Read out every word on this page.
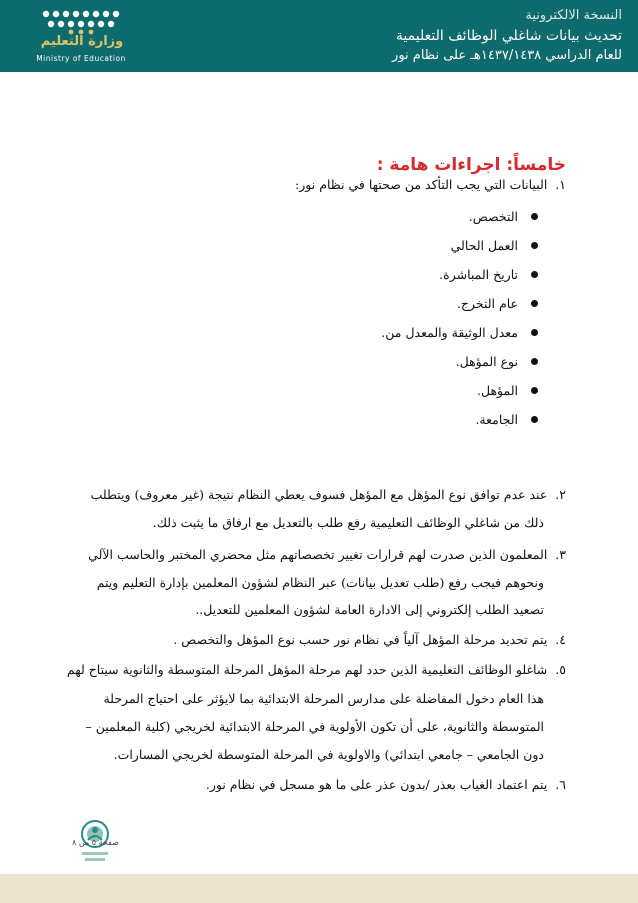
وزارة التعليم
Ministry of Education
النسخة الالكترونية
تحديث بيانات شاغلي الوظائف التعليمية
للعام الدراسي ١٤٣٧/١٤٣٨هـ على نظام نور
خامساً: اجراءات هامة :
١.البيانات التي يجب التأكد من صحتها في نظام نور:
التخصص.
العمل الحالي
تاريخ المباشرة.
عام التخرج.
معدل الوثيقة والمعدل من.
نوع المؤهل.
المؤهل.
الجامعة.
٢.عند عدم توافق نوع المؤهل مع المؤهل فسوف يعطي النظام نتيجة (غير معروف) ويتطلب
ذلك من شاغلي الوظائف التعليمية رفع طلب بالتعديل مع ارفاق ما يثبت ذلك.
٣.المعلمون الذين صدرت لهم قرارات تغيير تخصصاتهم مثل محضري المختبر والحاسب الآلي
ونحوهم فيجب رفع (طلب تعديل بيانات) عبر النظام لشؤون المعلمين بإدارة التعليم ويتم
تصعيد الطلب إلكتروني إلى الادارة العامة لشؤون المعلمين للتعديل..
٤.يتم تحديد مرحلة المؤهل آلياً في نظام نور حسب نوع المؤهل والتخصص .
٥.شاغلو الوظائف التعليمية الذين حدد لهم مرحلة المؤهل المرحلة المتوسطة والثانوية سيتاح لهم
هذا العام دخول المفاضلة على مدارس المرحلة الابتدائية بما لايؤثر على احتياج المرحلة
المتوسطة والثانوية، على أن تكون الأولوية في المرحلة الابتدائية لخريجي (كلية المعلمين –
دون الجامعي – جامعي ابتدائي) والاولوية في المرحلة المتوسطة لخريجي المسارات.
٦.يتم اعتماد الغياب بعذر /بدون عذر على ما هو مسجل في نظام نور.
صفحة ٥ من ٨
